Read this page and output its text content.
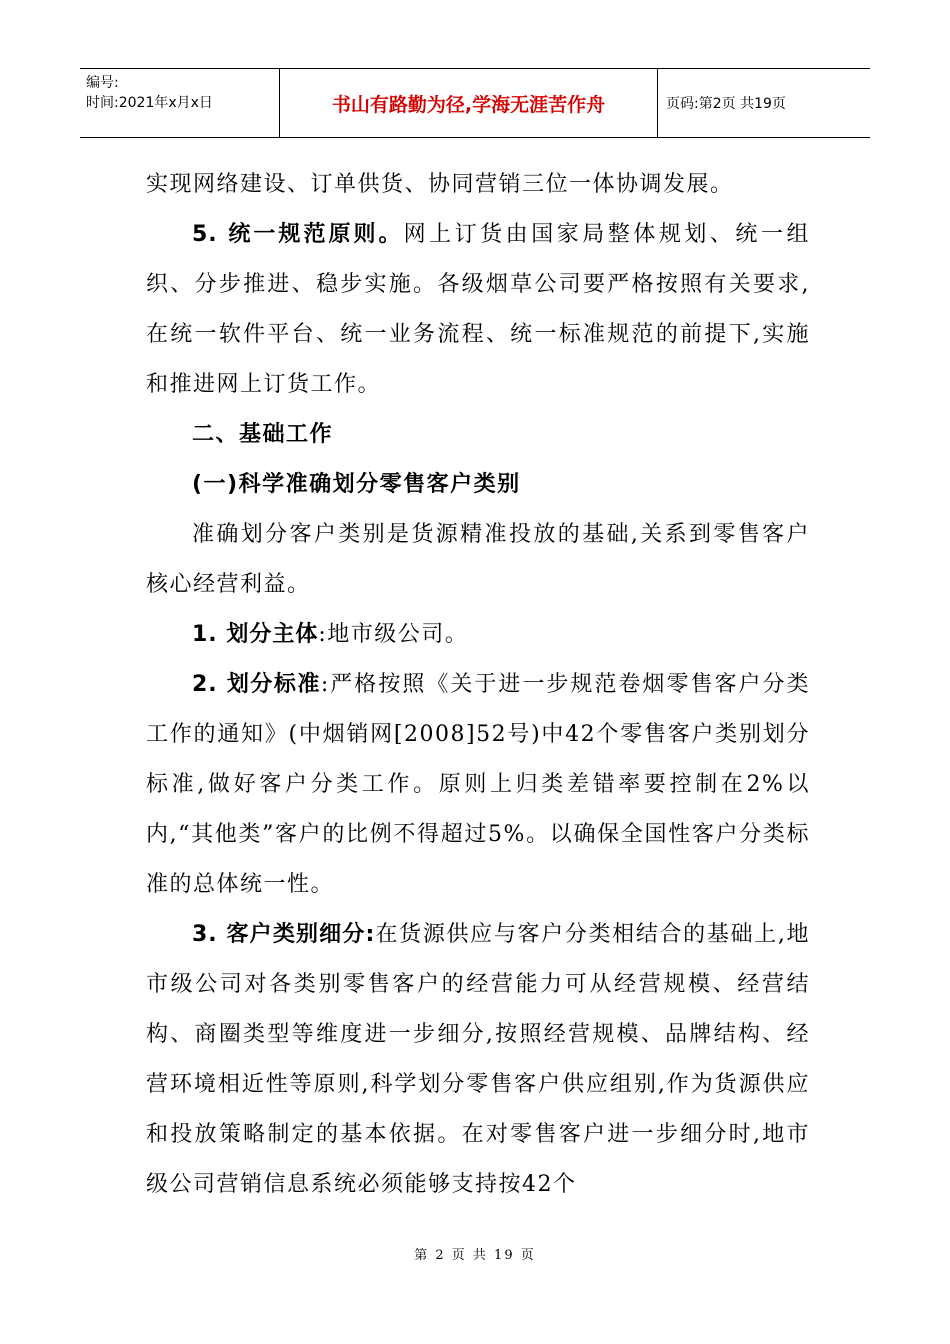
编号:
时间:2021年x月x日	书山有路勤为径,学海无涯苦作舟	页码:第2页 共19页

实现网络建设、订单供货、协同营销三位一体协调发展。

5. 统一规范原则。网上订货由国家局整体规划、统一组织、分步推进、稳步实施。各级烟草公司要严格按照有关要求,在统一软件平台、统一业务流程、统一标准规范的前提下,实施和推进网上订货工作。

二、基础工作

(一)科学准确划分零售客户类别

准确划分客户类别是货源精准投放的基础,关系到零售客户核心经营利益。

1. 划分主体:地市级公司。

2. 划分标准:严格按照《关于进一步规范卷烟零售客户分类工作的通知》(中烟销网[2008]52号)中42个零售客户类别划分标准,做好客户分类工作。原则上归类差错率要控制在2%以内,“其他类”客户的比例不得超过5%。以确保全国性客户分类标准的总体统一性。

3. 客户类别细分:在货源供应与客户分类相结合的基础上,地市级公司对各类别零售客户的经营能力可从经营规模、经营结构、商圈类型等维度进一步细分,按照经营规模、品牌结构、经营环境相近性等原则,科学划分零售客户供应组别,作为货源供应和投放策略制定的基本依据。在对零售客户进一步细分时,地市级公司营销信息系统必须能够支持按42个

第 2 页 共 19 页
